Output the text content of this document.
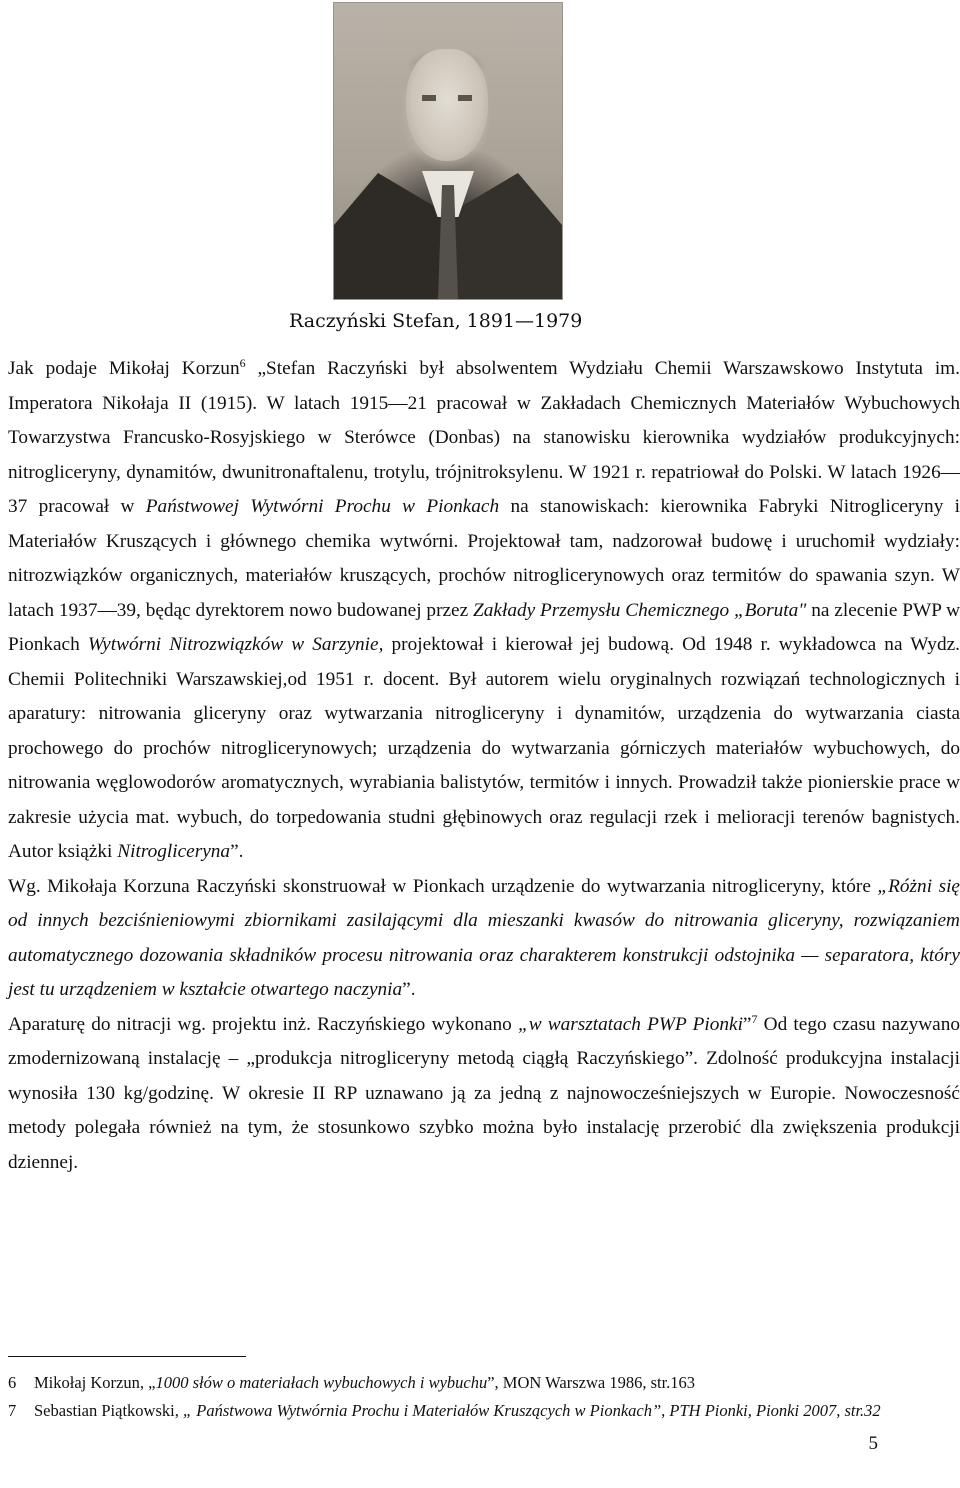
Raczyński Stefan, 1891—1979

Jak podaje Mikołaj Korzun$^6$ „Stefan Raczyński był absolwentem Wydziału Chemii Warszawskowo Instytuta im. Imperatora Nikołaja II (1915). W latach 1915—21 pracował w Zakładach Chemicznych Materiałów Wybuchowych Towarzystwa Francusko-Rosyjskiego w Sterówce (Donbas) na stanowisku kierownika wydziałów produkcyjnych: nitrogliceryny, dynamitów, dwunitronaftalenu, trotylu, trójnitroksylenu. W 1921 r. repatriował do Polski. W latach 1926— 37 pracował w Państwowej Wytwórni Prochu w Pionkach na stanowiskach: kierownika Fabryki Nitrogliceryny i Materiałów Kruszących i głównego chemika wytwórni. Projektował tam, nadzorował budowę i uruchomił wydziały: nitrozwiązków organicznych, materiałów kruszących, prochów nitroglicerynowych oraz termitów do spawania szyn. W latach 1937—39, będąc dyrektorem nowo budowanej przez Zakłady Przemysłu Chemicznego „Boruta" na zlecenie PWP w Pionkach Wytwórni Nitrozwiązków w Sarzynie, projektował i kierował jej budową. Od 1948 r. wykładowca na Wydz. Chemii Politechniki Warszawskiej,od 1951 r. docent. Był autorem wielu oryginalnych rozwiązań technologicznych i aparatury: nitrowania gliceryny oraz wytwarzania nitrogliceryny i dynamitów, urządzenia do wytwarzania ciasta prochowego do prochów nitroglicerynowych; urządzenia do wytwarzania górniczych materiałów wybuchowych, do nitrowania węglowodorów aromatycznych, wyrabiania balistytów, termitów i innych. Prowadził także pionierskie prace w zakresie użycia mat. wybuch, do torpedowania studni głębinowych oraz regulacji rzek i melioracji terenów bagnistych. Autor książki Nitrogliceryna”.

Wg. Mikołaja Korzuna Raczyński skonstruował w Pionkach urządzenie do wytwarzania nitrogliceryny, które „Różni się od innych bezciśnieniowymi zbiornikami zasilającymi dla mieszanki kwasów do nitrowania gliceryny, rozwiązaniem automatycznego dozowania składników procesu nitrowania oraz charakterem konstrukcji odstojnika — separatora, który jest tu urządzeniem w kształcie otwartego naczynia”.

Aparaturę do nitracji wg. projektu inż. Raczyńskiego wykonano „w warsztatach PWP Pionki”$^7$ Od tego czasu nazywano zmodernizowaną instalację – „produkcja nitrogliceryny metodą ciągłą Raczyńskiego”. Zdolność produkcyjna instalacji wynosiła 130 kg/godzinę. W okresie II RP uznawano ją za jedną z najnowocześniejszych w Europie. Nowoczesność metody polegała również na tym, że stosunkowo szybko można było instalację przerobić dla zwiększenia produkcji dziennej.

6	Mikołaj Korzun, „1000 słów o materiałach wybuchowych i wybuchu”, MON Warszwa 1986, str.163
7	Sebastian Piątkowski, „ Państwowa Wytwórnia Prochu i Materiałów Kruszących w Pionkach”, PTH Pionki, Pionki 2007, str.32
5
